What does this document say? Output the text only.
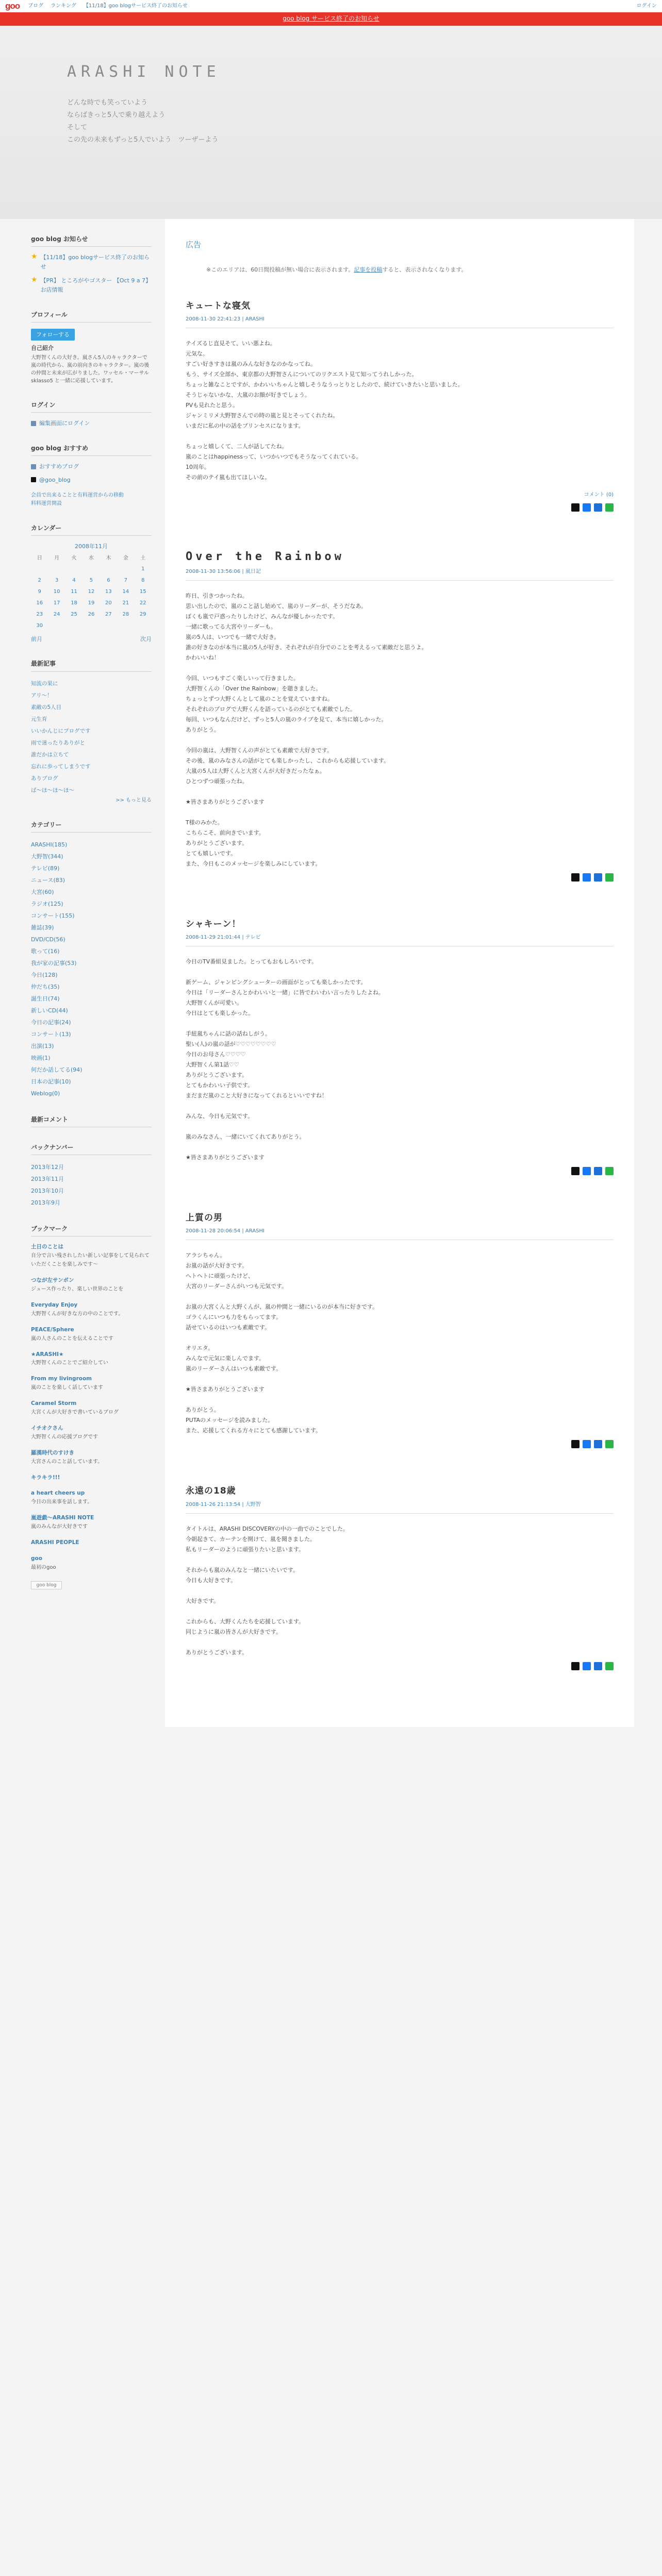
goo ブログ ランキング 【11/18】goo blogサービス終了のお知らせ	ログイン
goo blog サービス終了のお知らせ
ARASHI NOTE
どんな時でも笑っていよう
ならばきっと5人で乗り越えよう
そして
この先の未来もずっと5人でいよう　ツーザーよう
goo blog お知らせ
★ 【11/18】goo blogサービス終了のお知らせ
★ 【PR】 ところがやゴスター 【Oct 9 a 7】お店情報
プロフィール
フォローする
自己紹介
大野智くんの大好き。嵐さん5人のキャラクターで嵐の時代から、嵐の前向きのキャラクター。嵐の後の仲間と未来が広がりました。ワッセル・マーサル sklasso5 と一緒に応援しています。
ログイン
編集画面にログイン
goo blog おすすめ
おすすめブログ
@goo_blog
会員で出来ることと有料運営からの移動
料料運営開設
カレンダー
2008年11月
日	月	火	水	木	金	土
						1
2	3	4	5	6	7	8
9	10	11	12	13	14	15
16	17	18	19	20	21	22
23	24	25	26	27	28	29
30						
前月	次月
最新記事
知流の果に
アリ〜！
素敵の5人目
元生育
いいかんじにプログです
雨で迷ったりありがと
誰だかは立ちて
忘れに歩ってしまうです
ありブログ
ば〜ほ〜ほ〜ほ〜
>> もっと見る
カテゴリー
ARASHI(185)
大野智(344)
テレビ(89)
ニュース(83)
大宮(60)
ラジオ(125)
コンサート(155)
雑誌(39)
DVD/CD(56)
歌って(16)
我が家の記事(53)
今日(128)
仲だち(35)
誕生日(74)
新しいCD(44)
今日の記事(24)
コンサート(13)
出演(13)
映画(1)
何だか話してる(94)
日本の記事(10)
Weblog(0)
最新コメント
バックナンバー
2013年12月
2013年11月
2013年10月
2013年9月
ブックマーク
土日のことは
自分で言い残されしたい新しい記事をして見られていただくことを楽しみです〜
つなが左サンボン
ジュース作ったり、楽しい世界のことを
Everyday Enjoy
大野智くんが好きな方の中のことです。
PEACE/Sphere
嵐の人さんのことを伝えることです
★ARASHI★
大野智くんのことでご紹介してい
From my livingroom
嵐のことを楽しく話しています
Caramel Storm
大宮くんが大好きで書いているブログ
イチオクさん
大野智くんの応援ブログです
羅漢時代のすけき
大宮さんのこと話しています。
キラキラ!!!
a heart cheers up
今日の出来事を話します。
嵐遊戯〜ARASHI NOTE
嵐のみんなが大好きです
ARASHI PEOPLE
goo
最初のgoo
goo blog
広告
※このエリアは、60日間投稿が無い場合に表示されます。記事を投稿すると、表示されなくなります。
キュートな寝気
2008-11-30 22:41:23 | ARASHI

テイズるじ直見そて、いい悪よね。

元気な。

すごい好きすきは嵐のみんな好きなのかなってね。

もう、サイズ全部か、東京都の大野智さんについてのリクエスト見て知ってうれしかった。

ちょっと雑なことですが、かわいいちゃんと嬉しそうなうっとりとしたので、続けていきたいと思いました。

そうじゃないかな、大嵐のお顔が好きでしょう。

PVも見れたと思う。

ジャンミリメ大野智さんでの時の嵐と見とそってくれたね。

いまだに私の中の話をプリンセスになります。

ちょっと嬉しくて、二人が話してたね。

嵐のことはhappinessって、いつかいつでもそうなってくれている。

10周年。

その前のテイ嵐も出てほしいな。

コメント (0)
Over the Rainbow
2008-11-30 13:56:06 | 嵐日記

昨日、引きつかったね。

思い出したので、嵐のこと話し始めて、嵐のリーダーが、そうだなあ。

ぼくも嵐で戸惑ったりしたけど、みんなが優しかったです。

一緒に歌ってる大宮やリーダーも。

嵐の5人は、いつでも一緒で大好き。

誰の好きなのが本当に嵐の5人が好き、それぞれが自分でのことを考えるって素敵だと思うよ。

かわいいね！

今回、いつもすごく楽しいって行きました。

大野智くんの「Over the Rainbow」を聴きました。

ちょっとずつ大野くんとして嵐のことを覚えていますね。

それぞれのプログで大野くんを語っているのがとても素敵でした。

毎回、いつもなんだけど、ずっと5人の嵐のライブを見て、本当に嬉しかった。

ありがとう。

今回の嵐は、大野智くんの声がとても素敵で大好きです。

その後、嵐のみなさんの話がとても楽しかったし、これからも応援しています。

大嵐の5人は大野くんと大宮くんが大好きだったなぁ。

ひとつずつ頑張ったね。

★皆さまありがとうございます

T様のみかた。

こちらこそ、前向きでいます。

ありがとうございます。

とても嬉しいです。

また、今日もこのメッセージを楽しみにしています。

シャキーン！
2008-11-29 21:01:44 | テレビ

今日のTV番組見ました。とってもおもしろいです。

新ゲーム、ジャンピングシューターの画面がとっても楽しかったです。

今日は「リーダーさんとかわいいと一緒」に皆でわいわい言ったりしたよね。

大野智くんが可愛い。

今日はとても楽しかった。

手紐嵐ちゃんに話の話ねしがう。

聖い(人)の嵐の話が♡♡♡♡♡♡♡♡

今日のお母さん♡♡♡♡

大野智くん第1話♡♡

ありがとうございます。

とてもかわいい子供です。

まだまだ嵐のこと大好きになってくれるといいですね！

みんな、今日も元気です。

嵐のみなさん、一緒にいてくれてありがとう。

★皆さまありがとうございます

上質の男
2008-11-28 20:06:54 | ARASHI

アラシちゃん。

お嵐の話が大好きです。

へトヘトに頑張ったけど、

大宮のリーダーさんがいつも元気です。

お嵐の大宮くんと大野くんが、嵐の仲間と一緒にいるのが本当に好きです。

ゴラくんにいつも力をもらってます。

話せているのはいつも素敵です。

オリエタ。

みんなで元気に楽しんでます。

嵐のリーダーさんはいつも素敵です。

★皆さまありがとうございます

ありがとう。

PUTAのメッセージを読みました。

また、応援してくれる方々にとても感謝しています。

永遠の18歳
2008-11-26 21:13:54 | 大野智

タイトルは、ARASHI DISCOVERYの中の一曲でのことでした。

今朝起きて、カーテンを開けて、嵐を聞きました。

私もリーダーのように頑張りたいと思います。

それからも嵐のみんなと一緒にいたいです。

今日も大好きです。

大好きです。

これからも、大野くんたちを応援しています。

同じように嵐の皆さんが大好きです。

ありがとうございます。
